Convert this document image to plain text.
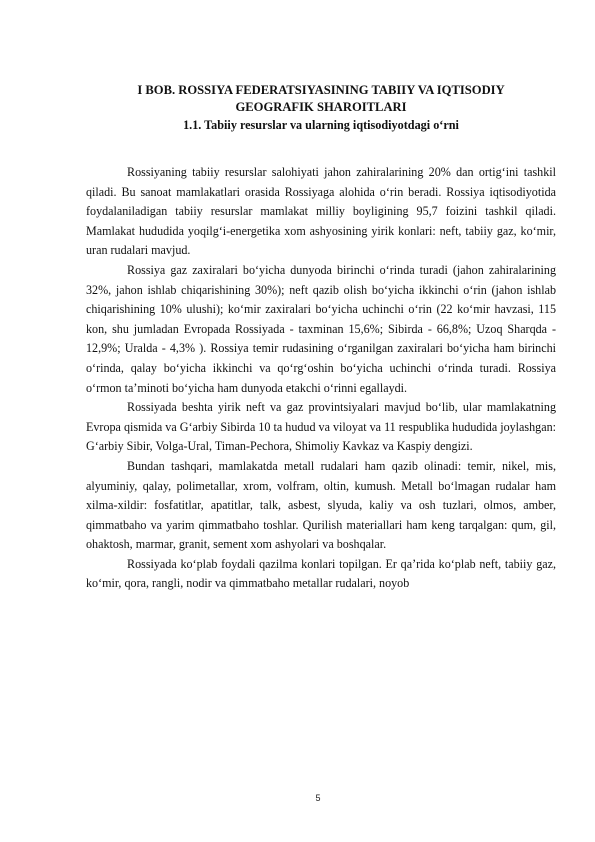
I BOB. ROSSIYA FEDERATSIYASINING TABIIY VA IQTISODIY
GEOGRAFIK SHAROITLARI
1.1. Tabiiy resurslar va ularning iqtisodiyotdagi o‘rni

Rossiyaning tabiiy resurslar salohiyati jahon zahiralarining 20% dan ortig‘ini tashkil qiladi. Bu sanoat mamlakatlari orasida Rossiyaga alohida o‘rin beradi. Rossiya iqtisodiyotida foydalaniladigan tabiiy resurslar mamlakat milliy boyligining 95,7 foizini tashkil qiladi. Mamlakat hududida yoqilg‘i-energetika xom ashyosining yirik konlari: neft, tabiiy gaz, ko‘mir, uran rudalari mavjud.

Rossiya gaz zaxiralari bo‘yicha dunyoda birinchi o‘rinda turadi (jahon zahiralarining 32%, jahon ishlab chiqarishining 30%); neft qazib olish bo‘yicha ikkinchi o‘rin (jahon ishlab chiqarishining 10% ulushi); ko‘mir zaxiralari bo‘yicha uchinchi o‘rin (22 ko‘mir havzasi, 115 kon, shu jumladan Evropada Rossiyada - taxminan 15,6%; Sibirda - 66,8%; Uzoq Sharqda - 12,9%; Uralda - 4,3% ). Rossiya temir rudasining o‘rganilgan zaxiralari bo‘yicha ham birinchi o‘rinda, qalay bo‘yicha ikkinchi va qo‘rg‘oshin bo‘yicha uchinchi o‘rinda turadi. Rossiya o‘rmon ta’minoti bo‘yicha ham dunyoda etakchi o‘rinni egallaydi.

Rossiyada beshta yirik neft va gaz provintsiyalari mavjud bo‘lib, ular mamlakatning Evropa qismida va G‘arbiy Sibirda 10 ta hudud va viloyat va 11 respublika hududida joylashgan: G‘arbiy Sibir, Volga-Ural, Timan-Pechora, Shimoliy Kavkaz va Kaspiy dengizi.

Bundan tashqari, mamlakatda metall rudalari ham qazib olinadi: temir, nikel, mis, alyuminiy, qalay, polimetallar, xrom, volfram, oltin, kumush. Metall bo‘lmagan rudalar ham xilma-xildir: fosfatitlar, apatitlar, talk, asbest, slyuda, kaliy va osh tuzlari, olmos, amber, qimmatbaho va yarim qimmatbaho toshlar. Qurilish materiallari ham keng tarqalgan: qum, gil, ohaktosh, marmar, granit, sement xom ashyolari va boshqalar.

Rossiyada ko‘plab foydali qazilma konlari topilgan. Er qa’rida ko‘plab neft, tabiiy gaz, ko‘mir, qora, rangli, nodir va qimmatbaho metallar rudalari, noyob

5
